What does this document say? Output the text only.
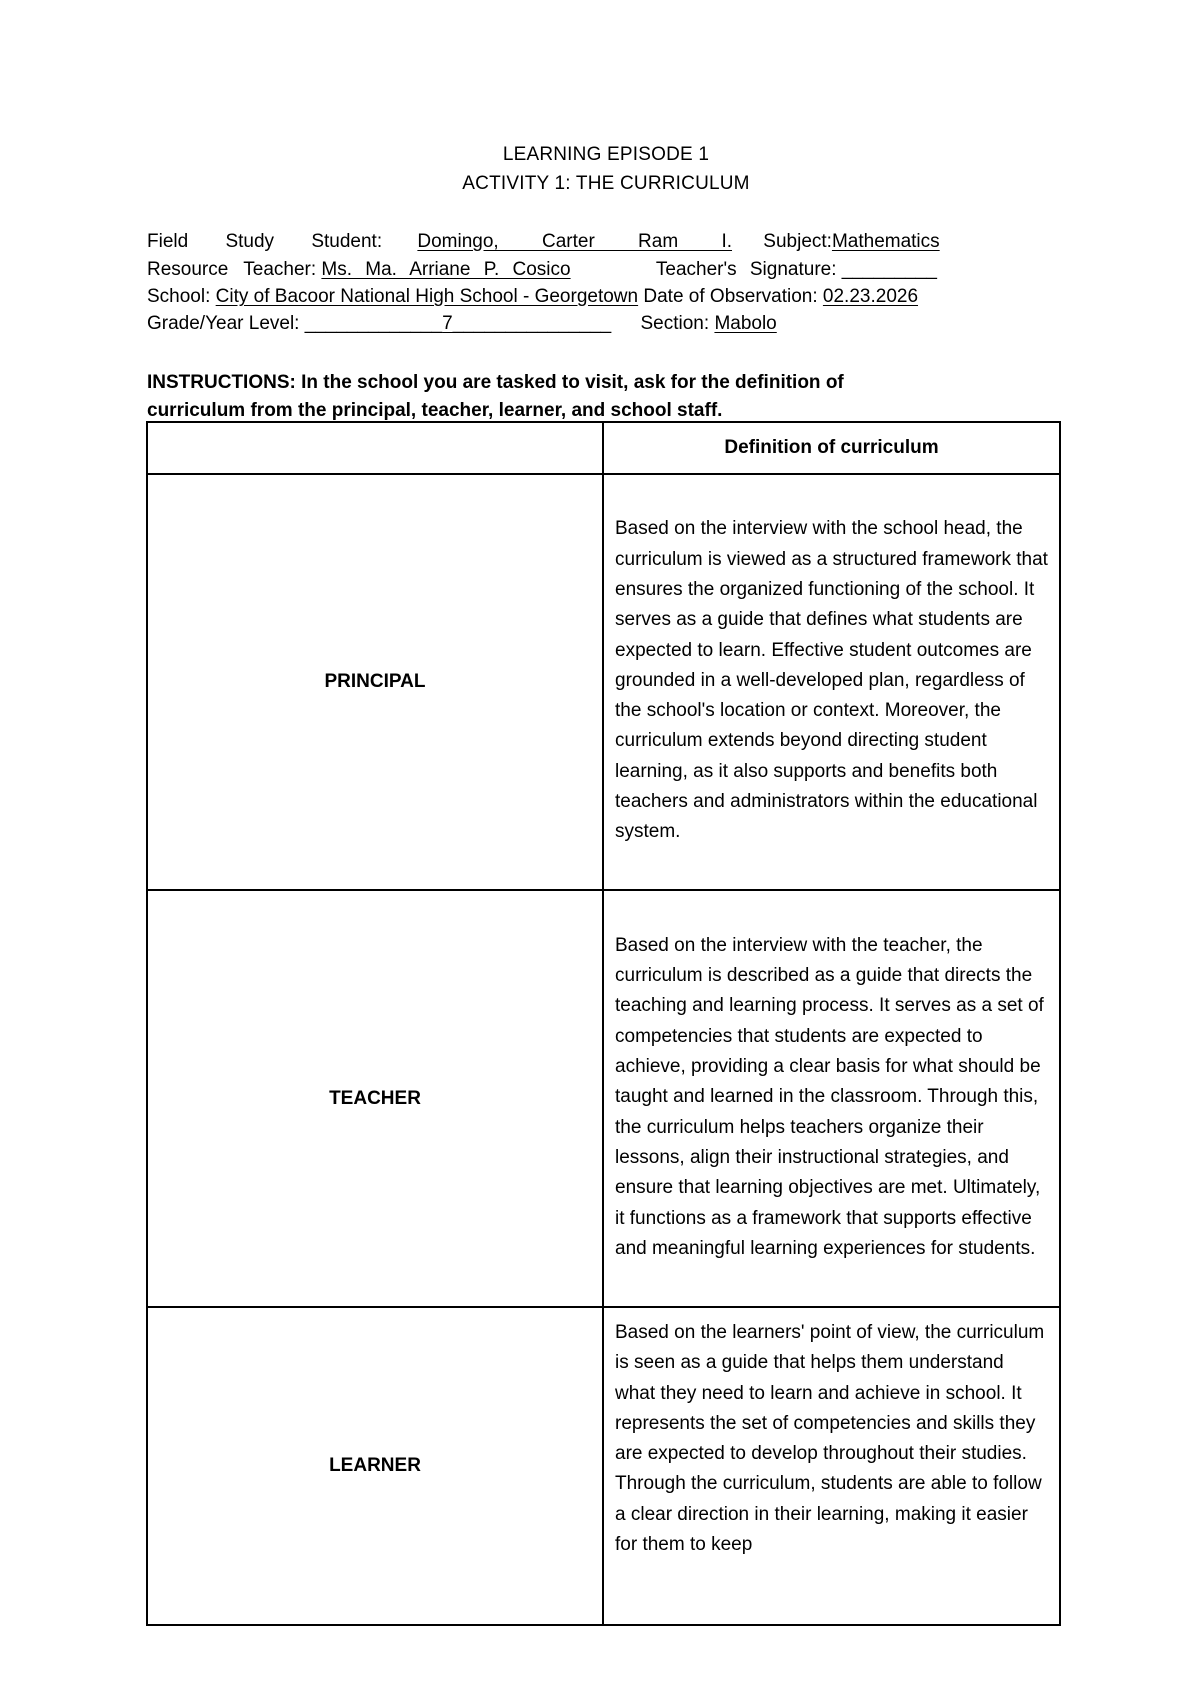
LEARNING EPISODE 1
ACTIVITY 1: THE CURRICULUM
Field Study Student: Domingo, Carter Ram I. Subject:Mathematics
Resource Teacher: Ms. Ma. Arriane P. Cosico	Teacher's Signature: _________
School: City of Bacoor National High School - Georgetown Date of Observation: 02.23.2026
Grade/Year Level: _____________7_______________ Section: Mabolo
INSTRUCTIONS: In the school you are tasked to visit, ask for the definition of
curriculum from the principal, teacher, learner, and school staff.
	Definition of curriculum
PRINCIPAL	Based on the interview with the school head, the curriculum is viewed as a structured framework that ensures the organized functioning of the school. It serves as a guide that defines what students are expected to learn. Effective student outcomes are grounded in a well-developed plan, regardless of the school's location or context. Moreover, the curriculum extends beyond directing student learning, as it also supports and benefits both teachers and administrators within the educational system.
TEACHER	Based on the interview with the teacher, the curriculum is described as a guide that directs the teaching and learning process. It serves as a set of competencies that students are expected to achieve, providing a clear basis for what should be taught and learned in the classroom. Through this, the curriculum helps teachers organize their lessons, align their instructional strategies, and ensure that learning objectives are met. Ultimately, it functions as a framework that supports effective and meaningful learning experiences for students.
LEARNER	Based on the learners' point of view, the curriculum is seen as a guide that helps them understand what they need to learn and achieve in school. It represents the set of competencies and skills they are expected to develop throughout their studies. Through the curriculum, students are able to follow a clear direction in their learning, making it easier for them to keep
